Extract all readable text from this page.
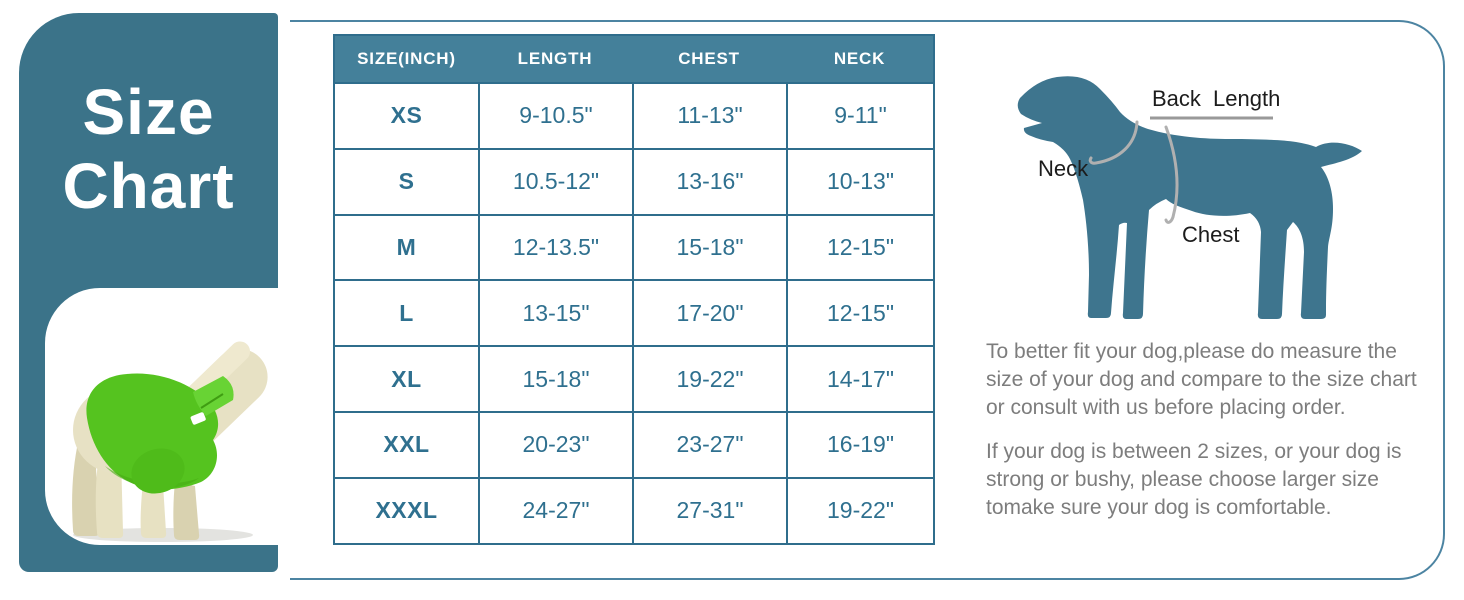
Size
Chart
SIZE(INCH)	LENGTH	CHEST	NECK
XS	9-10.5"	11-13"	9-11"
S	10.5-12"	13-16"	10-13"
M	12-13.5"	15-18"	12-15"
L	13-15"	17-20"	12-15"
XL	15-18"	19-22"	14-17"
XXL	20-23"	23-27"	16-19"
XXXL	24-27"	27-31"	19-22"
Back Length
Neck
Chest

To better fit your dog,please do measure the size of your dog and compare to the size chart or consult with us before placing order.

If your dog is between 2 sizes, or your dog is strong or bushy, please choose larger size tomake sure your dog is comfortable.
